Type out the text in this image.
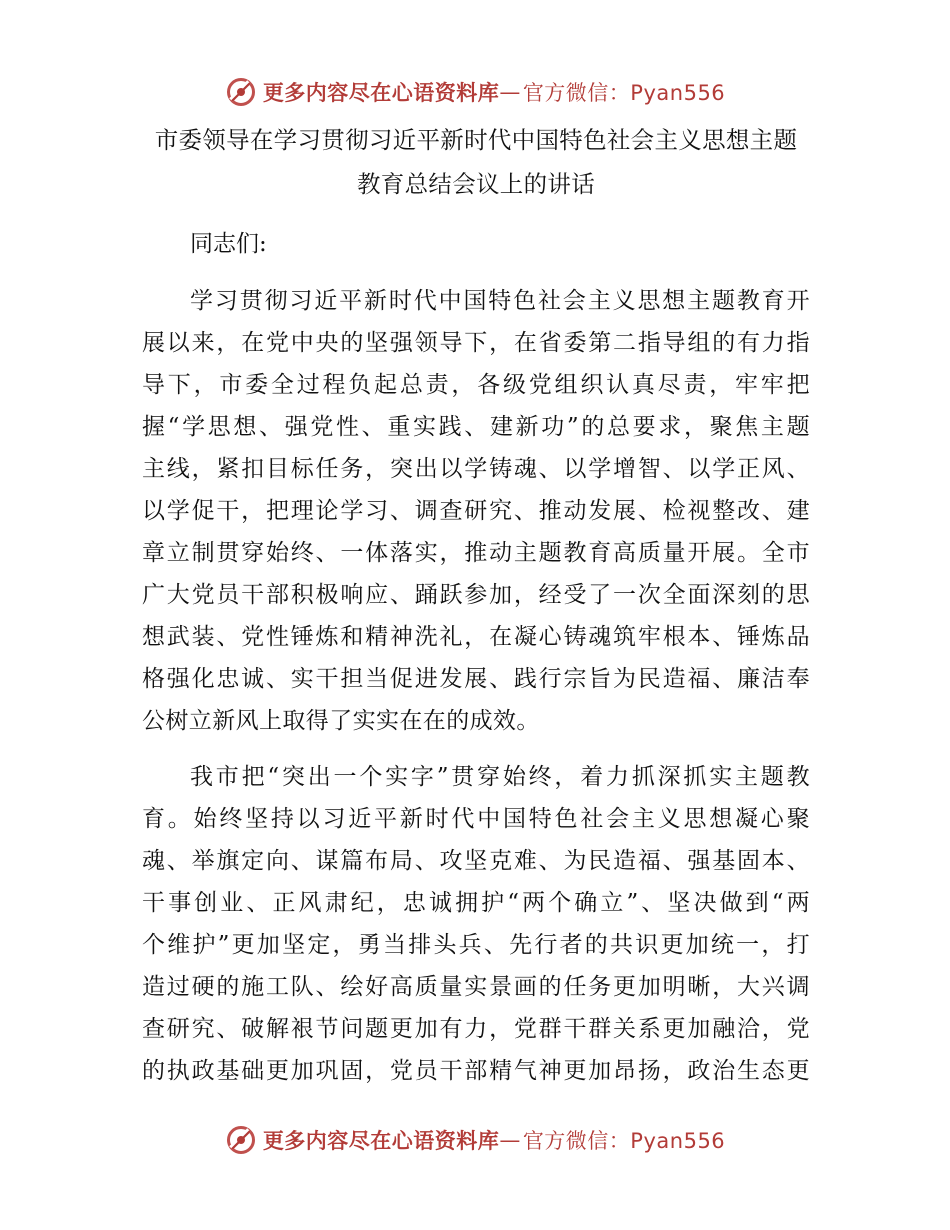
更多内容尽在心语资料库 — 官方微信：Pyan556
市委领导在学习贯彻习近平新时代中国特色社会主义思想主题
教育总结会议上的讲话

同志们:

学习贯彻习近平新时代中国特色社会主义思想主题教育开
展以来，在党中央的坚强领导下，在省委第二指导组的有力指
导下，市委全过程负起总责，各级党组织认真尽责，牢牢把
握“学思想、强党性、重实践、建新功”的总要求，聚焦主题
主线，紧扣目标任务，突出以学铸魂、以学增智、以学正风、
以学促干，把理论学习、调查研究、推动发展、检视整改、建
章立制贯穿始终、一体落实，推动主题教育高质量开展。全市
广大党员干部积极响应、踊跃参加，经受了一次全面深刻的思
想武装、党性锤炼和精神洗礼，在凝心铸魂筑牢根本、锤炼品
格强化忠诚、实干担当促进发展、践行宗旨为民造福、廉洁奉
公树立新风上取得了实实在在的成效。

我市把“突出一个实字”贯穿始终，着力抓深抓实主题教
育。始终坚持以习近平新时代中国特色社会主义思想凝心聚
魂、举旗定向、谋篇布局、攻坚克难、为民造福、强基固本、
干事创业、正风肃纪，忠诚拥护“两个确立”、坚决做到“两
个维护”更加坚定，勇当排头兵、先行者的共识更加统一，打
造过硬的施工队、绘好高质量实景画的任务更加明晰，大兴调
查研究、破解裉节问题更加有力，党群干群关系更加融洽，党
的执政基础更加巩固，党员干部精气神更加昂扬，政治生态更

更多内容尽在心语资料库 — 官方微信：Pyan556
